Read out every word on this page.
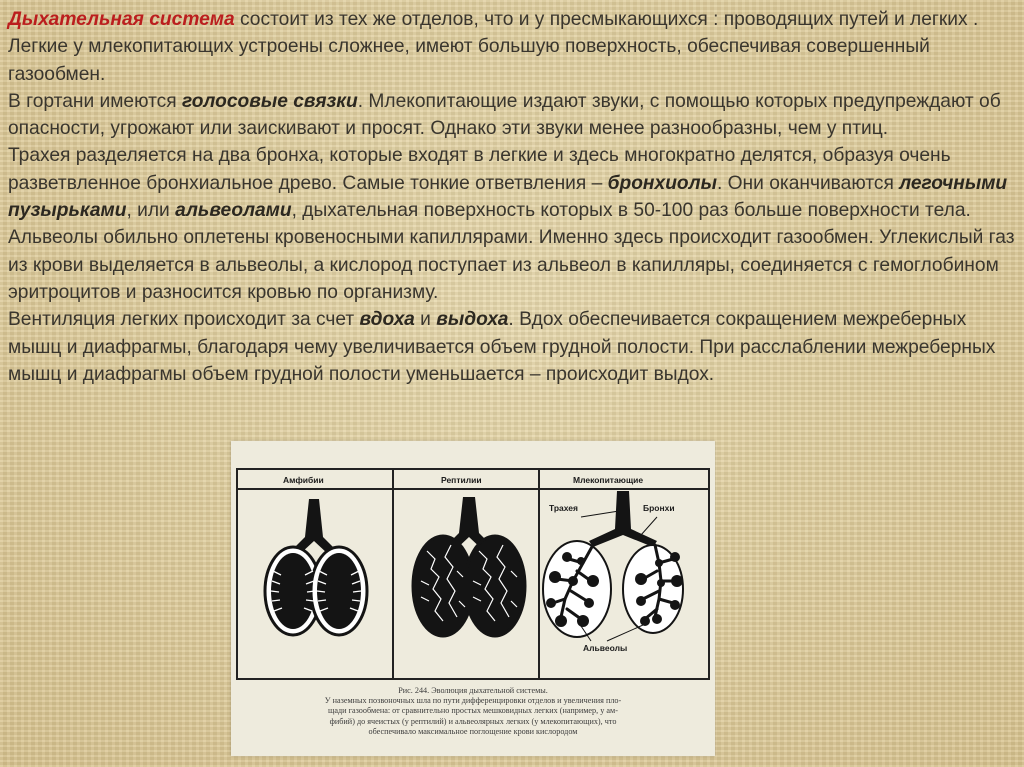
Дыхательная система состоит из тех же отделов, что и у пресмыкающихся : проводящих путей и легких . Легкие у млекопитающих устроены сложнее, имеют большую поверхность, обеспечивая совершенный газообмен.

В гортани имеются голосовые связки. Млекопитающие издают звуки, с помощью которых предупреждают об опасности, угрожают или заискивают и просят. Однако эти звуки менее разнообразны, чем у птиц.

Трахея разделяется на два бронха, которые входят в легкие и здесь многократно делятся, образуя очень разветвленное бронхиальное древо. Самые тонкие ответвления – бронхиолы. Они оканчиваются легочными пузырьками, или альвеолами, дыхательная поверхность которых в 50-100 раз больше поверхности тела. Альвеолы обильно оплетены кровеносными капиллярами. Именно здесь происходит газообмен. Углекислый газ из крови выделяется в альвеолы, а кислород поступает из альвеол в капилляры, соединяется с гемоглобином эритроцитов и разносится кровью по организму.

Вентиляция легких происходит за счет вдоха и выдоха. Вдох обеспечивается сокращением межреберных мышц и диафрагмы, благодаря чему увеличивается объем грудной полости. При расслаблении межреберных мышц и диафрагмы объем грудной полости уменьшается – происходит выдох.

Амфибии	Рептилии	Млекопитающие
Трахея	Бронхи
Альвеолы
Рис. 244. Эволюция дыхательной системы.
У наземных позвоночных шла по пути дифференцировки отделов и увеличения пло-
щади газообмена: от сравнительно простых мешковидных легких (например, у ам-
фибий) до ячеистых (у рептилий) и альвеолярных легких (у млекопитающих), что
обеспечивало максимальное поглощение крови кислородом
